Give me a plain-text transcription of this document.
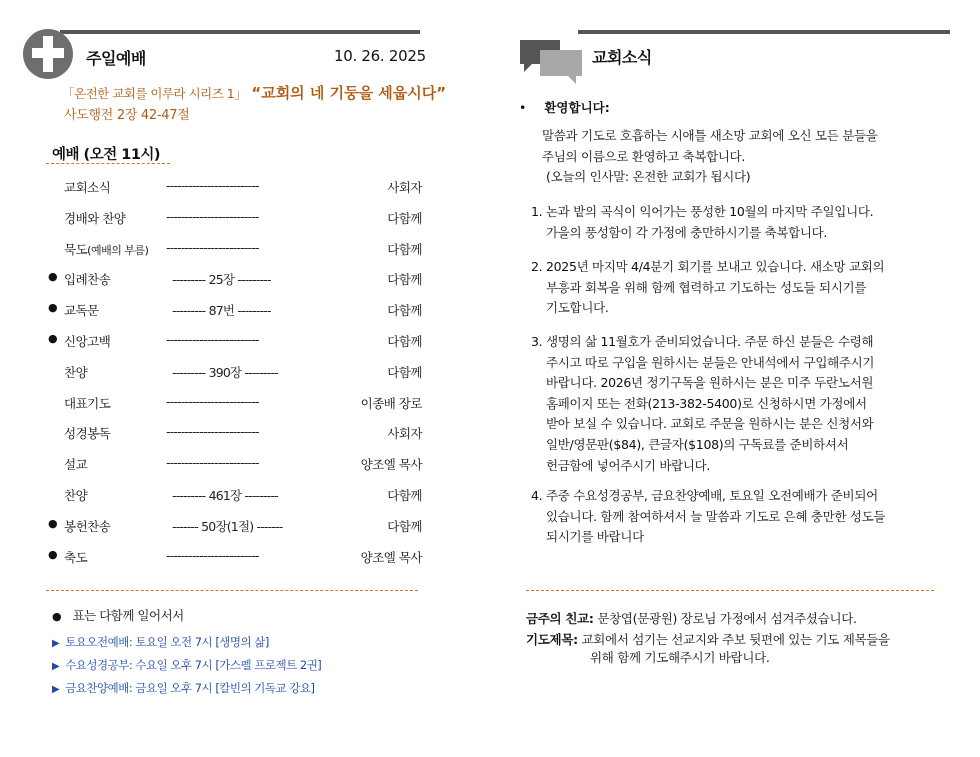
주일예배	10. 26. 2025
「온전한 교회를 이루라 시리즈 1」 “교회의 네 기둥을 세웁시다”
사도행전 2장 42-47절
예배 (오전 11시)
교회소식	-------------------------	사회자
경배와 찬양	-------------------------	다함께
묵도(예배의 부름) -------------------------	다함께
● 입례찬송	--------- 25장 ---------	다함께
● 교독문	--------- 87번 ---------	다함께
● 신앙고백	-------------------------	다함께
찬양	--------- 390장 ---------	다함께
대표기도	-------------------------	이종배 장로
성경봉독	-------------------------	사회자
설교	-------------------------	양조엘 목사
찬양	--------- 461장 ---------	다함께
● 봉헌찬송	------- 50장(1절) -------	다함께
● 축도	-------------------------	양조엘 목사
● 표는 다함께 일어서서
▶ 토요오전예배: 토요일 오전 7시 [생명의 삶]
▶ 수요성경공부: 수요일 오후 7시 [가스펠 프로젝트 2권]
▶ 금요찬양예배: 금요일 오후 7시 [칼빈의 기독교 강요]
교회소식
• 환영합니다:
말씀과 기도로 호흡하는 시애틀 새소망 교회에 오신 모든 분들을
주님의 이름으로 환영하고 축복합니다.
(오늘의 인사말: 온전한 교회가 됩시다)
1. 논과 밭의 곡식이 익어가는 풍성한 10월의 마지막 주일입니다.
가을의 풍성함이 각 가정에 충만하시기를 축복합니다.
2. 2025년 마지막 4/4분기 회기를 보내고 있습니다. 새소망 교회의
부흥과 회복을 위해 함께 협력하고 기도하는 성도들 되시기를
기도합니다.
3. 생명의 삶 11월호가 준비되었습니다. 주문 하신 분들은 수령해
주시고 따로 구입을 원하시는 분들은 안내석에서 구입해주시기
바랍니다. 2026년 정기구독을 원하시는 분은 미주 두란노서원
홈페이지 또는 전화(213-382-5400)로 신청하시면 가정에서
받아 보실 수 있습니다. 교회로 주문을 원하시는 분은 신청서와
일반/영문판($84), 큰글자($108)의 구독료를 준비하셔서
헌금함에 넣어주시기 바랍니다.
4. 주중 수요성경공부, 금요찬양예배, 토요일 오전예배가 준비되어
있습니다. 함께 참여하셔서 늘 말씀과 기도로 은혜 충만한 성도들
되시기를 바랍니다
금주의 친교: 문창엽(문광원) 장로님 가정에서 섬겨주셨습니다.
기도제목: 교회에서 섬기는 선교지와 주보 뒷편에 있는 기도 제목들을
위해 함께 기도해주시기 바랍니다.
